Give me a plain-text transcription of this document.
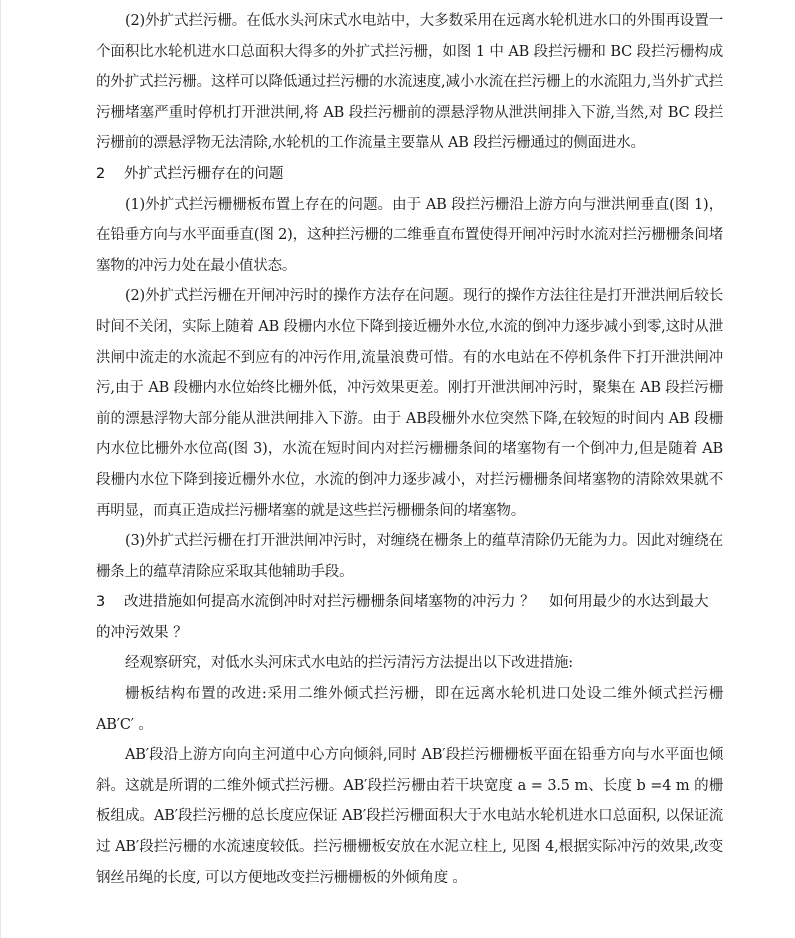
(2)外扩式拦污栅。在低水头河床式水电站中，大多数采用在远离水轮机进水口的外围再设置一个面积比水轮机进水口总面积大得多的外扩式拦污栅，如图 1 中 AB 段拦污栅和 BC 段拦污栅构成的外扩式拦污栅。这样可以降低通过拦污栅的水流速度,减小水流在拦污栅上的水流阻力,当外扩式拦污栅堵塞严重时停机打开泄洪闸,将 AB 段拦污栅前的漂悬浮物从泄洪闸排入下游,当然,对 BC 段拦污栅前的漂悬浮物无法清除,水轮机的工作流量主要靠从 AB 段拦污栅通过的侧面进水。

2 外扩式拦污栅存在的问题

(1)外扩式拦污栅栅板布置上存在的问题。由于 AB 段拦污栅沿上游方向与泄洪闸垂直(图 1)，在铅垂方向与水平面垂直(图 2)，这种拦污栅的二维垂直布置使得开闸冲污时水流对拦污栅栅条间堵塞物的冲污力处在最小值状态。

(2)外扩式拦污栅在开闸冲污时的操作方法存在问题。现行的操作方法往往是打开泄洪闸后较长时间不关闭，实际上随着 AB 段栅内水位下降到接近栅外水位,水流的倒冲力逐步减小到零,这时从泄洪闸中流走的水流起不到应有的冲污作用,流量浪费可惜。有的水电站在不停机条件下打开泄洪闸冲污,由于 AB 段栅内水位始终比栅外低，冲污效果更差。刚打开泄洪闸冲污时，聚集在 AB 段拦污栅前的漂悬浮物大部分能从泄洪闸排入下游。由于 AB段栅外水位突然下降,在较短的时间内 AB 段栅内水位比栅外水位高(图 3)，水流在短时间内对拦污栅栅条间的堵塞物有一个倒冲力,但是随着 AB 段栅内水位下降到接近栅外水位，水流的倒冲力逐步减小，对拦污栅栅条间堵塞物的清除效果就不再明显，而真正造成拦污栅堵塞的就是这些拦污栅栅条间的堵塞物。

(3)外扩式拦污栅在打开泄洪闸冲污时，对缠绕在栅条上的蕴草清除仍无能为力。因此对缠绕在栅条上的蕴草清除应采取其他辅助手段。

3 改进措施如何提高水流倒冲时对拦污栅栅条间堵塞物的冲污力 ？　如何用最少的水达到最大的冲污效果 ？

经观察研究，对低水头河床式水电站的拦污清污方法提出以下改进措施:

栅板结构布置的改进:采用二维外倾式拦污栅，即在远离水轮机进口处设二维外倾式拦污栅 AB′C′ 。

AB′段沿上游方向向主河道中心方向倾斜,同时 AB′段拦污栅栅板平面在铅垂方向与水平面也倾斜。这就是所谓的二维外倾式拦污栅。AB′段拦污栅由若干块宽度 a = 3.5 m、长度 b =4 m 的栅板组成。AB′段拦污栅的总长度应保证 AB′段拦污栅面积大于水电站水轮机进水口总面积, 以保证流过 AB′段拦污栅的水流速度较低。拦污栅栅板安放在水泥立柱上, 见图 4,根据实际冲污的效果,改变钢丝吊绳的长度, 可以方便地改变拦污栅栅板的外倾角度 。
